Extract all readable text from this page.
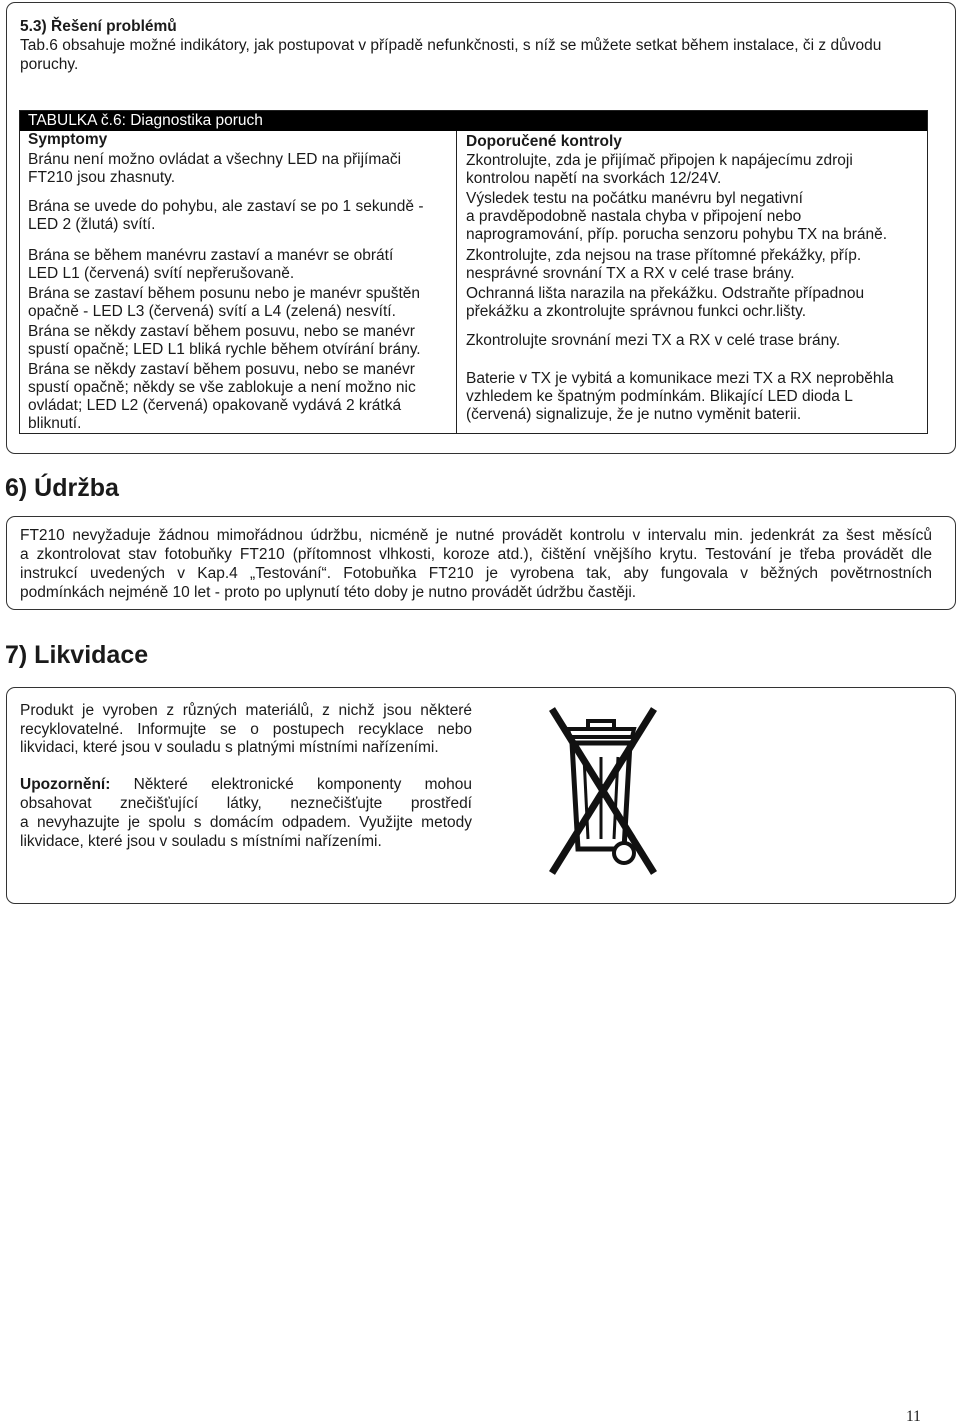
5.3) Řešení problémů
Tab.6 obsahuje možné indikátory, jak postupovat v případě nefunkčnosti, s níž se můžete setkat během instalace, či z důvodu poruchy.
TABULKA č.6: Diagnostika poruch
Symptomy	Doporučené kontroly
Bránu není možno ovládat a všechny LED na přijímači
FT210 jsou zhasnuty.
Zkontrolujte, zda je přijímač připojen k napájecímu zdroji
kontrolou napětí na svorkách 12/24V.
Brána se uvede do pohybu, ale zastaví se po 1 sekundě -
LED 2 (žlutá) svítí.
Výsledek testu na počátku manévru byl negativní
a pravděpodobně nastala chyba v připojení nebo
naprogramování, příp. porucha senzoru pohybu TX na bráně.
Brána se během manévru zastaví a manévr se obrátí
LED L1 (červená) svítí nepřerušovaně.
Zkontrolujte, zda nejsou na trase přítomné překážky, příp.
nesprávné srovnání TX a RX v celé trase brány.
Brána se zastaví během posunu nebo je manévr spuštěn
opačně - LED L3 (červená) svítí a L4 (zelená) nesvítí.
Ochranná lišta narazila na překážku. Odstraňte případnou
překážku a zkontrolujte správnou funkci ochr.lišty.
Brána se někdy zastaví během posuvu, nebo se manévr
spustí opačně; LED L1 bliká rychle během otvírání brány.
Zkontrolujte srovnání mezi TX a RX v celé trase brány.
Brána se někdy zastaví během posuvu, nebo se manévr
spustí opačně; někdy se vše zablokuje a není možno nic
ovládat; LED L2 (červená) opakovaně vydává 2 krátká
bliknutí.
Baterie v TX je vybitá a komunikace mezi TX a RX neproběhla
vzhledem ke špatným podmínkám. Blikající LED dioda L
(červená) signalizuje, že je nutno vyměnit baterii.
6) Údržba
FT210 nevyžaduje žádnou mimořádnou údržbu, nicméně je nutné provádět kontrolu v intervalu min. jedenkrát za šest měsíců
a zkontrolovat stav fotobuňky FT210 (přítomnost vlhkosti, koroze atd.), čištění vnějšího krytu. Testování je třeba provádět dle
instrukcí uvedených v Kap.4 „Testování“. Fotobuňka FT210 je vyrobena tak, aby fungovala v běžných povětrnostních
podmínkách nejméně 10 let - proto po uplynutí této doby je nutno provádět údržbu častěji.
7) Likvidace
Produkt je vyroben z různých materiálů, z nichž jsou některé
recyklovatelné. Informujte se o postupech recyklace nebo
likvidaci, které jsou v souladu s platnými místními nařízeními.
Upozornění: Některé elektronické komponenty mohou
obsahovat znečišťující látky, neznečišťujte prostředí
a nevyhazujte je spolu s domácím odpadem. Využijte metody
likvidace, které jsou v souladu s místními nařízeními.
11
